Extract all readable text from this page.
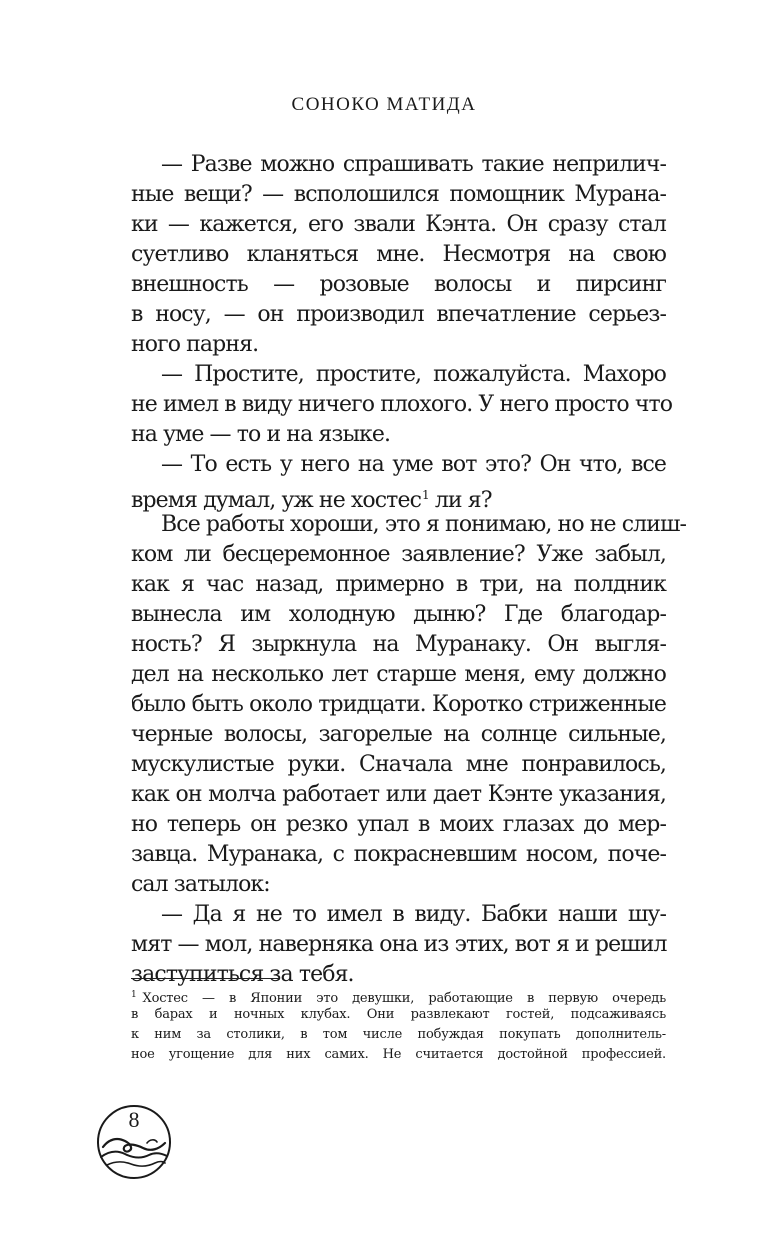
СОНОКО МАТИДА
— Разве можно спрашивать такие неприлич-
ные вещи? — всполошился помощник Мурана-
ки — кажется, его звали Кэнта. Он сразу стал
суетливо кланяться мне. Несмотря на свою
внешность — розовые волосы и пирсинг
в носу, — он производил впечатление серьез-
ного парня.
— Простите, простите, пожалуйста. Махоро
не имел в виду ничего плохого. У него просто что
на уме — то и на языке.
— То есть у него на уме вот это? Он что, все
время думал, уж не хостес$^1$ ли я?
Все работы хороши, это я понимаю, но не слиш-
ком ли бесцеремонное заявление? Уже забыл,
как я час назад, примерно в три, на полдник
вынесла им холодную дыню? Где благодар-
ность? Я зыркнула на Муранаку. Он выгля-
дел на несколько лет старше меня, ему должно
было быть около тридцати. Коротко стриженные
черные волосы, загорелые на солнце сильные,
мускулистые руки. Сначала мне понравилось,
как он молча работает или дает Кэнте указания,
но теперь он резко упал в моих глазах до мер-
завца. Муранака, с покрасневшим носом, поче-
сал затылок:
— Да я не то имел в виду. Бабки наши шу-
мят — мол, наверняка она из этих, вот я и решил
заступиться за тебя.
$^1$ Хостес — в Японии это девушки, работающие в первую очередь
в барах и ночных клубах. Они развлекают гостей, подсаживаясь
к ним за столики, в том числе побуждая покупать дополнитель-
ное угощение для них самих. Не считается достойной профессией.
8
